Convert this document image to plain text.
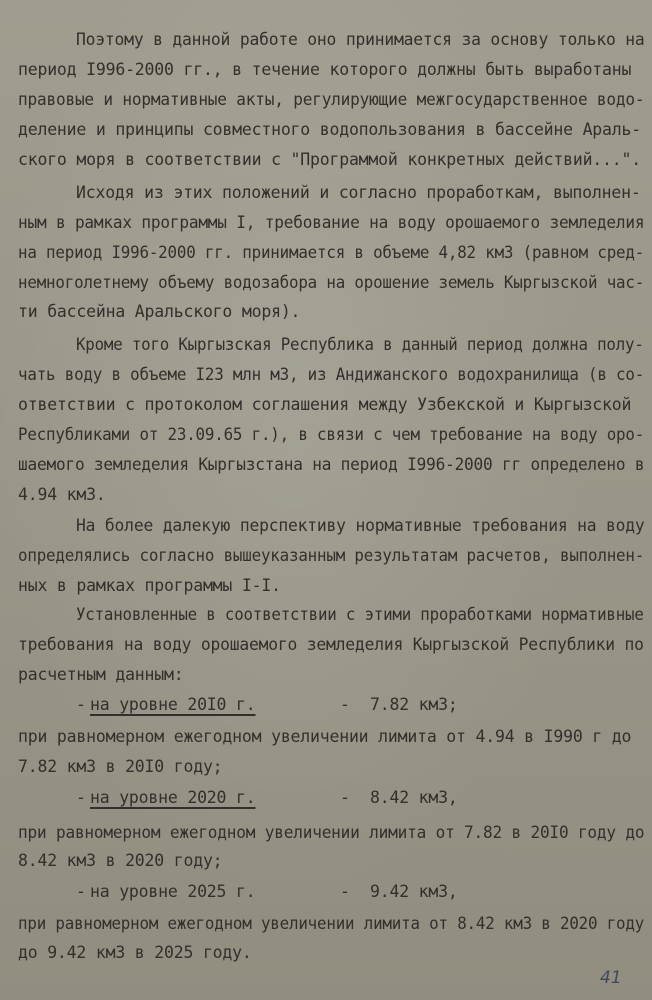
Поэтому в данной работе оно принимается за основу только на
период I996-2000 гг., в течение которого должны быть выработаны
правовые и нормативные акты, регулирующие межгосударственное водо-
деление и принципы совместного водопользования в бассейне Араль-
ского моря в соответствии с "Программой конкретных действий...".
Исходя из этих положений и согласно проработкам, выполнен-
ным в рамках программы I, требование на воду орошаемого земледелия
на период I996-2000 гг. принимается в объеме 4,82 км3 (равном сред-
немноголетнему объему водозабора на орошение земель Кыргызской час-
ти бассейна Аральского моря).
Кроме того Кыргызская Республика в данный период должна полу-
чать воду в объеме I23 млн м3, из Андижанского водохранилища (в со-
ответствии с протоколом соглашения между Узбекской и Кыргызской
Республиками от 23.09.65 г.), в связи с чем требование на воду оро-
шаемого земледелия Кыргызстана на период I996-2000 гг определено в
4.94 км3.
На более далекую перспективу нормативные требования на воду
определялись согласно вышеуказанным результатам расчетов, выполнен-
ных в рамках программы I-I.
Установленные в соответствии с этими проработками нормативные
требования на воду орошаемого земледелия Кыргызской Республики по
расчетным данным:
- на уровне 20I0 г.	- 7.82 км3;
при равномерном ежегодном увеличении лимита от 4.94 в I990 г до
7.82 км3 в 20I0 году;
- на уровне 2020 г.	- 8.42 км3,
при равномерном ежегодном увеличении лимита от 7.82 в 20I0 году до
8.42 км3 в 2020 году;
- на уровне 2025 г.	- 9.42 км3,
при равномерном ежегодном увеличении лимита от 8.42 км3 в 2020 году
до 9.42 км3 в 2025 году.
41
